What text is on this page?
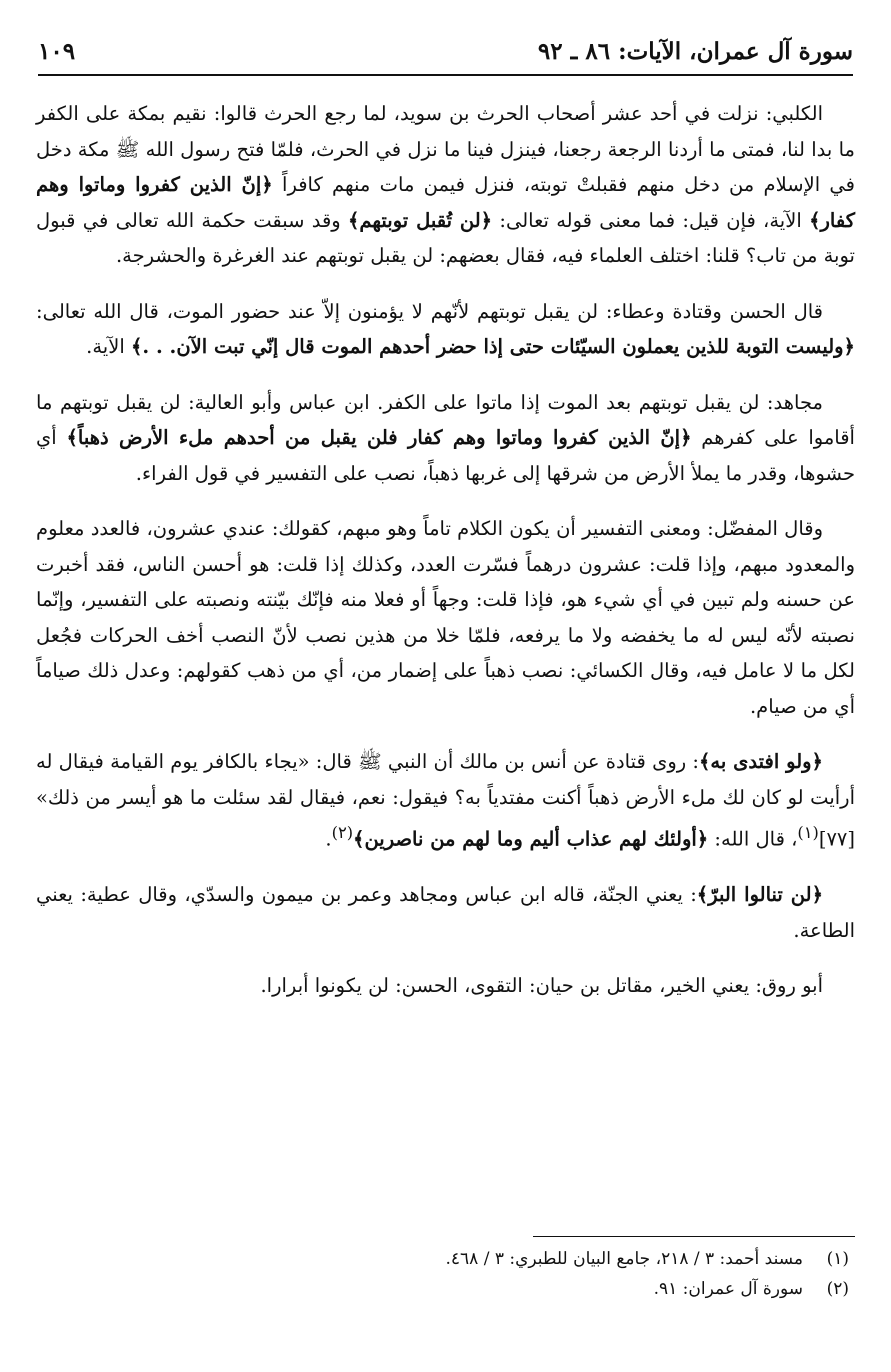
سورة آل عمران، الآيات: ٨٦ ـ ٩٢
١٠٩

الكلبي: نزلت في أحد عشر أصحاب الحرث بن سويد، لما رجع الحرث قالوا: نقيم بمكة على الكفر ما بدا لنا، فمتى ما أردنا الرجعة رجعنا، فينزل فينا ما نزل في الحرث، فلمّا فتح رسول الله ﷺ مكة دخل في الإسلام من دخل منهم فقبلتْ توبته، فنزل فيمن مات منهم كافراً ﴿إنّ الذين كفروا وماتوا وهم كفار﴾ الآية، فإن قيل: فما معنى قوله تعالى: ﴿لن تُقبل توبتهم﴾ وقد سبقت حكمة الله تعالى في قبول توبة من تاب؟ قلنا: اختلف العلماء فيه، فقال بعضهم: لن يقبل توبتهم عند الغرغرة والحشرجة.

قال الحسن وقتادة وعطاء: لن يقبل توبتهم لأنّهم لا يؤمنون إلاّ عند حضور الموت، قال الله تعالى: ﴿وليست التوبة للذين يعملون السيّئات حتى إذا حضر أحدهم الموت قال إنّي تبت الآن. . .﴾ الآية.

مجاهد: لن يقبل توبتهم بعد الموت إذا ماتوا على الكفر. ابن عباس وأبو العالية: لن يقبل توبتهم ما أقاموا على كفرهم ﴿إنّ الذين كفروا وماتوا وهم كفار فلن يقبل من أحدهم ملء الأرض ذهباً﴾ أي حشوها، وقدر ما يملأ الأرض من شرقها إلى غربها ذهباً، نصب على التفسير في قول الفراء.

وقال المفضّل: ومعنى التفسير أن يكون الكلام تاماً وهو مبهم، كقولك: عندي عشرون، فالعدد معلوم والمعدود مبهم، وإذا قلت: عشرون درهماً فسّرت العدد، وكذلك إذا قلت: هو أحسن الناس، فقد أخبرت عن حسنه ولم تبين في أي شيء هو، فإذا قلت: وجهاً أو فعلا منه فإنّك بيّنته ونصبته على التفسير، وإنّما نصبته لأنّه ليس له ما يخفضه ولا ما يرفعه، فلمّا خلا من هذين نصب لأنّ النصب أخف الحركات فجُعل لكل ما لا عامل فيه، وقال الكسائي: نصب ذهباً على إضمار من، أي من ذهب كقولهم: وعدل ذلك صياماً أي من صيام.

﴿ولو افتدى به﴾: روى قتادة عن أنس بن مالك أن النبي ﷺ قال: «يجاء بالكافر يوم القيامة فيقال له أرأيت لو كان لك ملء الأرض ذهباً أكنت مفتدياً به؟ فيقول: نعم، فيقال لقد سئلت ما هو أيسر من ذلك» [٧٧]$^{(١)}$، قال الله: ﴿أولئك لهم عذاب أليم وما لهم من ناصرين﴾$^{(٢)}$.

﴿لن تنالوا البرّ﴾: يعني الجنّة، قاله ابن عباس ومجاهد وعمر بن ميمون والسدّي، وقال عطية: يعني الطاعة.

أبو روق: يعني الخير، مقاتل بن حيان: التقوى، الحسن: لن يكونوا أبرارا.

(١)مسند أحمد: ٣ / ٢١٨، جامع البيان للطبري: ٣ / ٤٦٨.
(٢)سورة آل عمران: ٩١.
